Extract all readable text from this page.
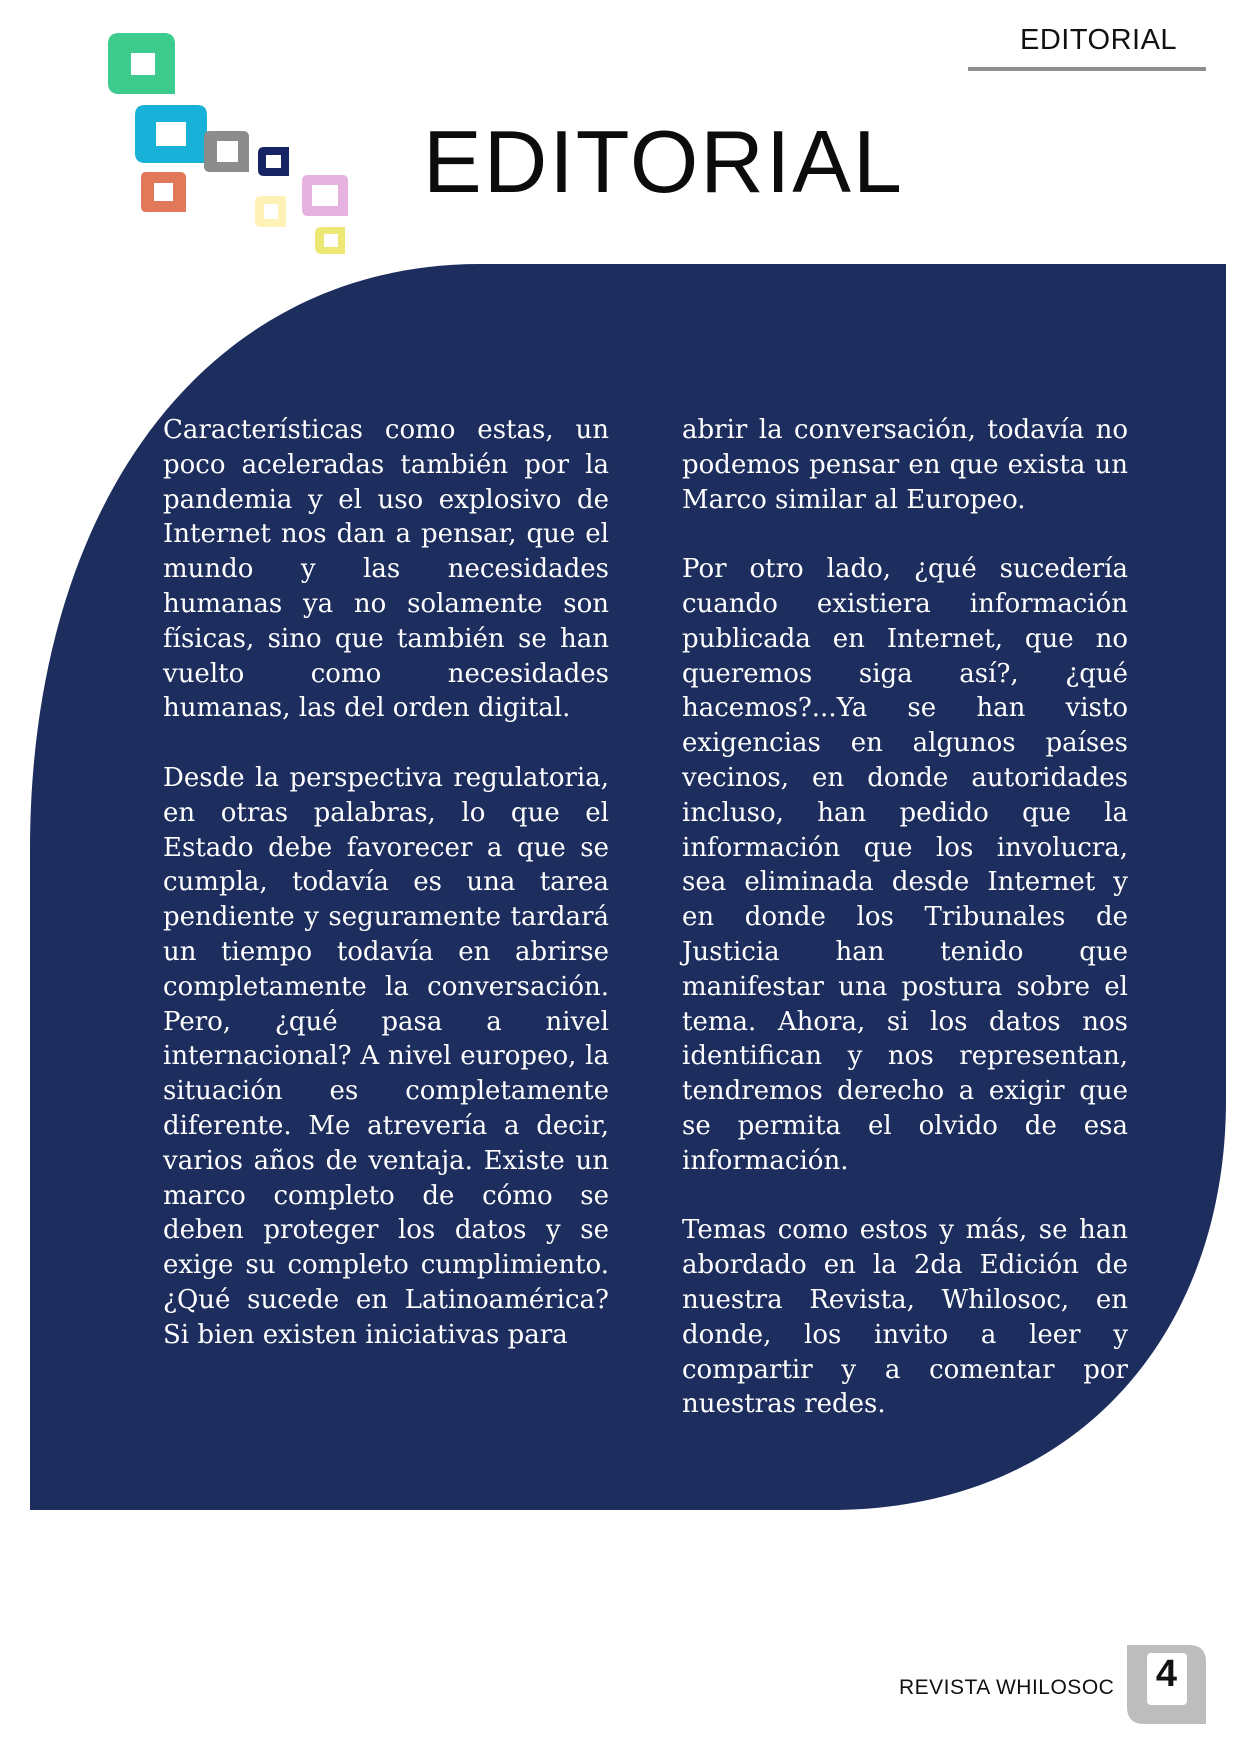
EDITORIAL
EDITORIAL

Características como estas, un poco aceleradas también por la pandemia y el uso explosivo de Internet nos dan a pensar, que el mundo y las necesidades humanas ya no solamente son físicas, sino que también se han vuelto como necesidades humanas, las del orden digital.

Desde la perspectiva regulatoria, en otras palabras, lo que el Estado debe favorecer a que se cumpla, todavía es una tarea pendiente y seguramente tardará un tiempo todavía en abrirse completamente la conversación. Pero, ¿qué pasa a nivel internacional? A nivel europeo, la situación es completamente diferente. Me atrevería a decir, varios años de ventaja. Existe un marco completo de cómo se deben proteger los datos y se exige su completo cumplimiento. ¿Qué sucede en Latinoamérica? Si bien existen iniciativas para

abrir la conversación, todavía no podemos pensar en que exista un Marco similar al Europeo.

Por otro lado, ¿qué sucedería cuando existiera información publicada en Internet, que no queremos siga así?, ¿qué hacemos?...Ya se han visto exigencias en algunos países vecinos, en donde autoridades incluso, han pedido que la información que los involucra, sea eliminada desde Internet y en donde los Tribunales de Justicia han tenido que manifestar una postura sobre el tema. Ahora, si los datos nos identifican y nos representan, tendremos derecho a exigir que se permita el olvido de esa información.

Temas como estos y más, se han abordado en la 2da Edición de nuestra Revista, Whilosoc, en donde, los invito a leer y compartir y a comentar por nuestras redes.

REVISTA WHILOSOC	4
